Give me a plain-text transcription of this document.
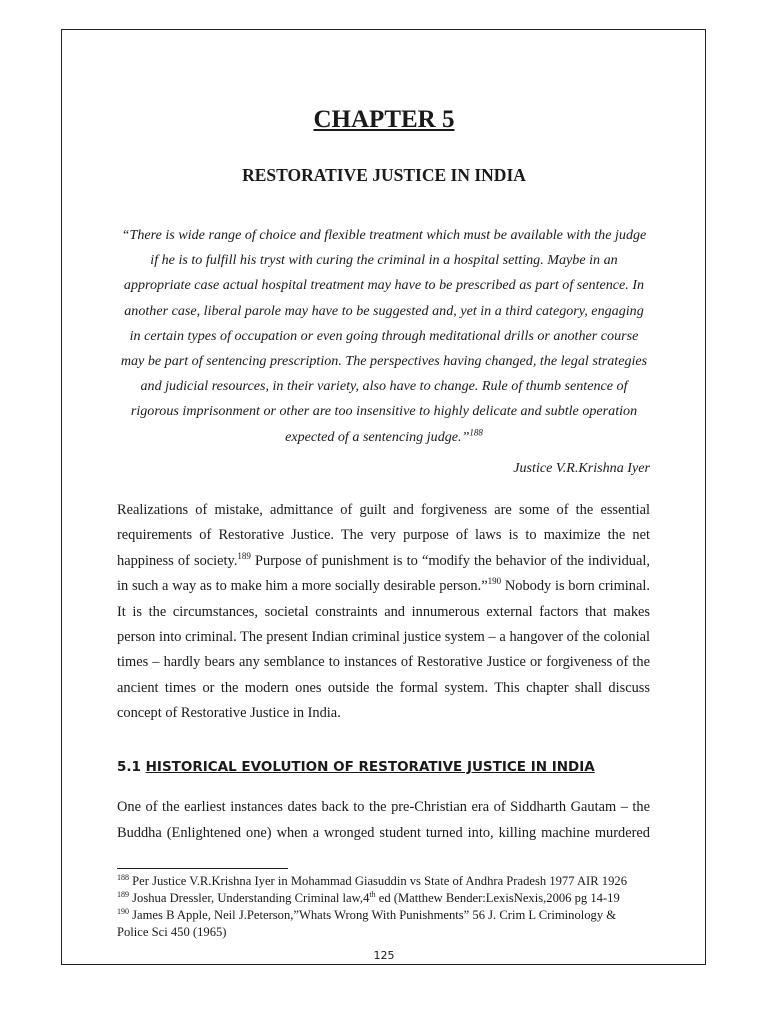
CHAPTER 5
RESTORATIVE JUSTICE IN INDIA

“There is wide range of choice and flexible treatment which must be available with the judge
if he is to fulfill his tryst with curing the criminal in a hospital setting. Maybe in an
appropriate case actual hospital treatment may have to be prescribed as part of sentence. In
another case, liberal parole may have to be suggested and, yet in a third category, engaging
in certain types of occupation or even going through meditational drills or another course
may be part of sentencing prescription. The perspectives having changed, the legal strategies
and judicial resources, in their variety, also have to change. Rule of thumb sentence of
rigorous imprisonment or other are too insensitive to highly delicate and subtle operation
expected of a sentencing judge.”$^{188}$

Justice V.R.Krishna Iyer

Realizations of mistake, admittance of guilt and forgiveness are some of the essential
requirements of Restorative Justice. The very purpose of laws is to maximize the net
happiness of society.$^{189}$ Purpose of punishment is to “modify the behavior of the individual,
in such a way as to make him a more socially desirable person.”$^{190}$ Nobody is born criminal.
It is the circumstances, societal constraints and innumerous external factors that makes
person into criminal. The present Indian criminal justice system – a hangover of the colonial
times – hardly bears any semblance to instances of Restorative Justice or forgiveness of the
ancient times or the modern ones outside the formal system. This chapter shall discuss
concept of Restorative Justice in India.

5.1 HISTORICAL EVOLUTION OF RESTORATIVE JUSTICE IN INDIA

One of the earliest instances dates back to the pre-Christian era of Siddharth Gautam – the
Buddha (Enlightened one) when a wronged student turned into, killing machine murdered

$^{188}$ Per Justice V.R.Krishna Iyer in Mohammad Giasuddin vs State of Andhra Pradesh 1977 AIR 1926
$^{189}$ Joshua Dressler, Understanding Criminal law,4th ed (Matthew Bender:LexisNexis,2006 pg 14-19
$^{190}$ James B Apple, Neil J.Peterson,”Whats Wrong With Punishments” 56 J. Crim L Criminology &
Police Sci 450 (1965)

125
